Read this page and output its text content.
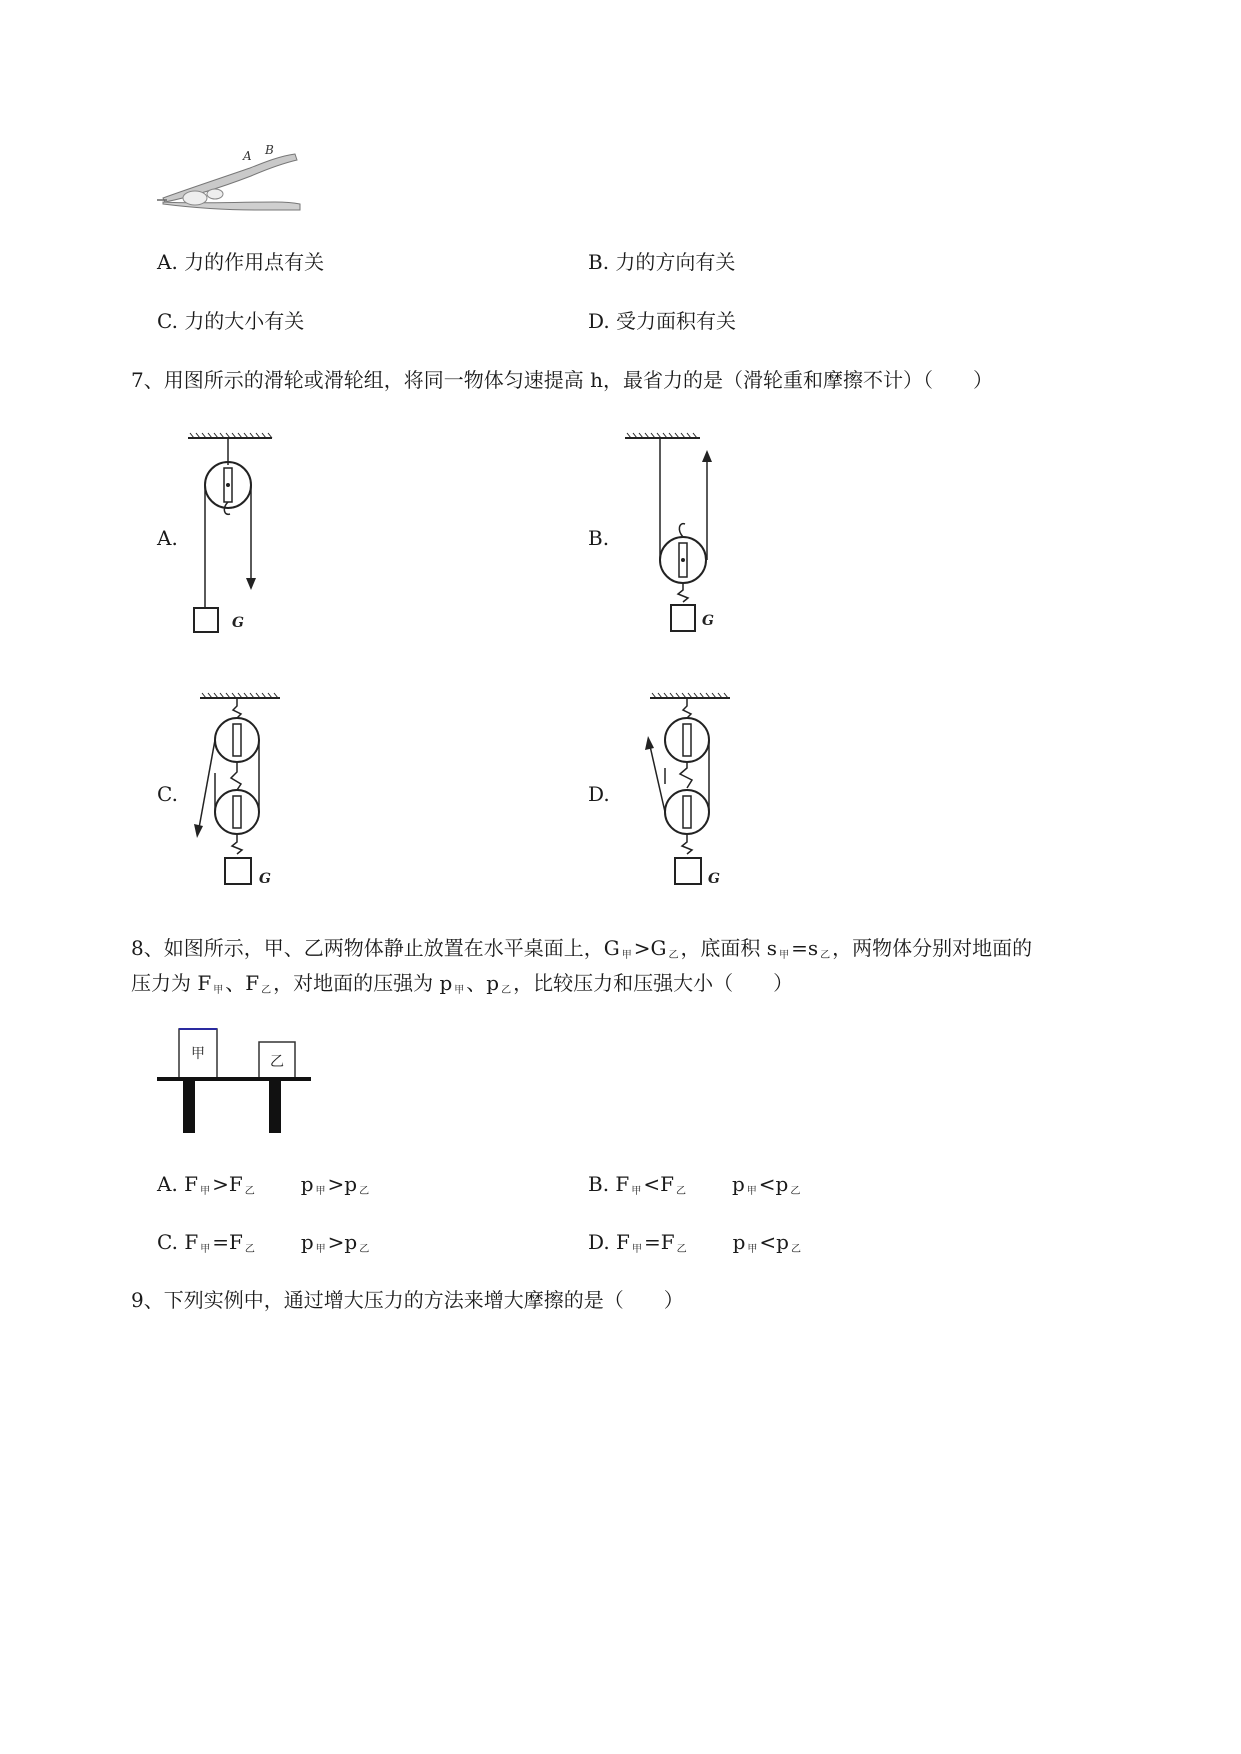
A B
A. 力的作用点有关	B. 力的方向有关
C. 力的大小有关	D. 受力面积有关
7、用图所示的滑轮或滑轮组，将同一物体匀速提高 h，最省力的是（滑轮重和摩擦不计）（　　）
A.
G
B.
G
C.
G
D.
G
8、如图所示，甲、乙两物体静止放置在水平桌面上，G $_甲$ >G $_乙$ ，底面积 s $_甲$ =s $_乙$ ，两物体分别对地面的
压力为 F $_甲$ 、F $_乙$ ，对地面的压强为 p $_甲$ 、p $_乙$ ，比较压力和压强大小（　　）
甲	乙
A. F $_甲$ >F $_乙$ p $_甲$ >p $_乙$	B. F $_甲$ <F $_乙$ p $_甲$ <p $_乙$
C. F $_甲$ =F $_乙$ p $_甲$ >p $_乙$	D. F $_甲$ =F $_乙$ p $_甲$ <p $_乙$
9、下列实例中，通过增大压力的方法来增大摩擦的是（　　）
